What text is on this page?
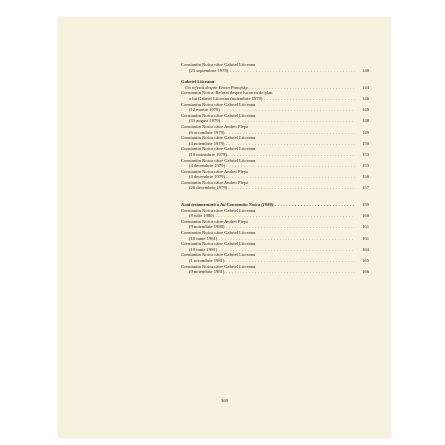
Constantin Noica către Gabriel Liiceanu
(25 septembrie 1978) . . .	140
Gabriel Liiceanu
Un referat despre Erwin Panofsky . . .	144
Constantin Noica, Referat despre lucrarea de plan
a lui Gabriel Liiceanu (noiembrie 1978) . . .	146
Constantin Noica către Gabriel Liiceanu
(12 martie 1979) . . .	148
Constantin Noica către Gabriel Liiceanu
(31 august 1979) . . .	148
Constantin Noica către Andrei Pleşu
(6 octombrie 1979) . . .	149
Constantin Noica către Gabriel Liiceanu
(4 noiembrie 1979) . . .	150
Constantin Noica către Gabriel Liiceanu
(18 noiembrie 1979) . . .	153
Constantin Noica către Gabriel Liiceanu
(4 decembrie 1979) . . .	153
Constantin Noica către Andrei Pleşu
(4 decembrie 1979) . . .	156
Constantin Noica către Andrei Pleşu
(26 decembrie 1979) . . .	157
Notă testamentară a lui Constantin Noica (1980) . . .	159
Constantin Noica către Gabriel Liiceanu
(8 iulie 1980) . . .	160
Constantin Noica către Andrei Pleşu
(9 noiembrie 1980) . . .	161
Constantin Noica către Gabriel Liiceanu
(10 iunie 1981) . . .	161
Constantin Noica către Gabriel Liiceanu
(18 iunie 1981) . . .	164
Constantin Noica către Gabriel Liiceanu
(1 octombrie 1981) . . .	165
Constantin Noica către Gabriel Liiceanu
(9 noiembrie 1981) . . .	166
369
